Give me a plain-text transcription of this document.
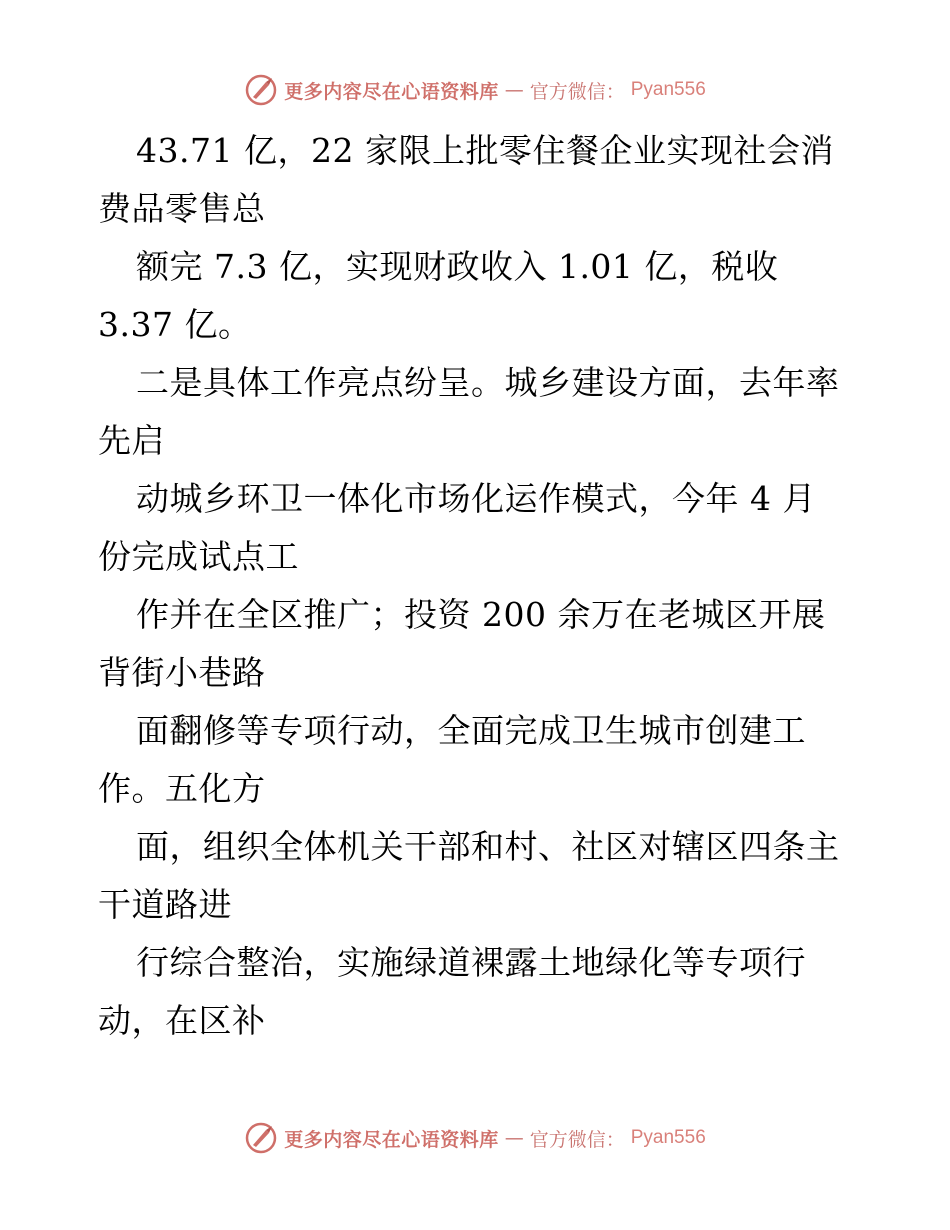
更多内容尽在心语资料库 — 官方微信： Pyan556
43.71 亿，22 家限上批零住餐企业实现社会消
费品零售总
额完 7.3 亿，实现财政收入 1.01 亿，税收
3.37 亿。
二是具体工作亮点纷呈。城乡建设方面，去年率
先启
动城乡环卫一体化市场化运作模式，今年 4 月
份完成试点工
作并在全区推广；投资 200 余万在老城区开展
背街小巷路
面翻修等专项行动，全面完成卫生城市创建工
作。五化方
面，组织全体机关干部和村、社区对辖区四条主
干道路进
行综合整治，实施绿道裸露土地绿化等专项行
动，在区补
更多内容尽在心语资料库 — 官方微信： Pyan556
